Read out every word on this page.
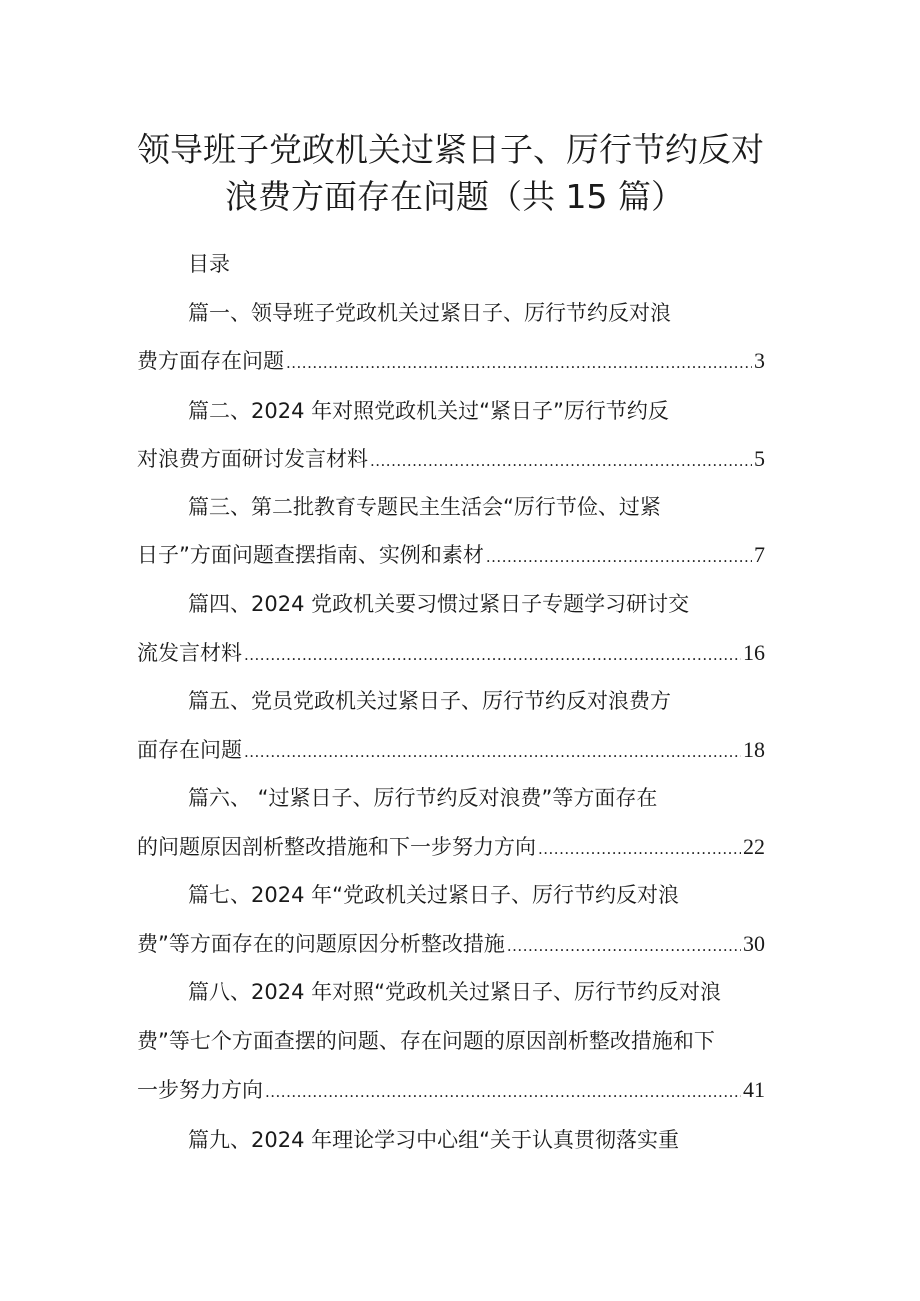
领导班子党政机关过紧日子、厉行节约反对
浪费方面存在问题（共 15 篇）
目录
篇一、领导班子党政机关过紧日子、厉行节约反对浪
费方面存在问题 .....	3
篇二、2024 年对照党政机关过“紧日子”厉行节约反
对浪费方面研讨发言材料 .....	5
篇三、第二批教育专题民主生活会“厉行节俭、过紧
日子”方面问题查摆指南、实例和素材 .....	7
篇四、2024 党政机关要习惯过紧日子专题学习研讨交
流发言材料 .....	16
篇五、党员党政机关过紧日子、厉行节约反对浪费方
面存在问题 .....	18
篇六、 “过紧日子、厉行节约反对浪费”等方面存在
的问题原因剖析整改措施和下一步努力方向 .....	22
篇七、2024 年“党政机关过紧日子、厉行节约反对浪
费”等方面存在的问题原因分析整改措施 .....	30
篇八、2024 年对照“党政机关过紧日子、厉行节约反对浪
费”等七个方面查摆的问题、存在问题的原因剖析整改措施和下
一步努力方向 .....	41
篇九、2024 年理论学习中心组“关于认真贯彻落实重
